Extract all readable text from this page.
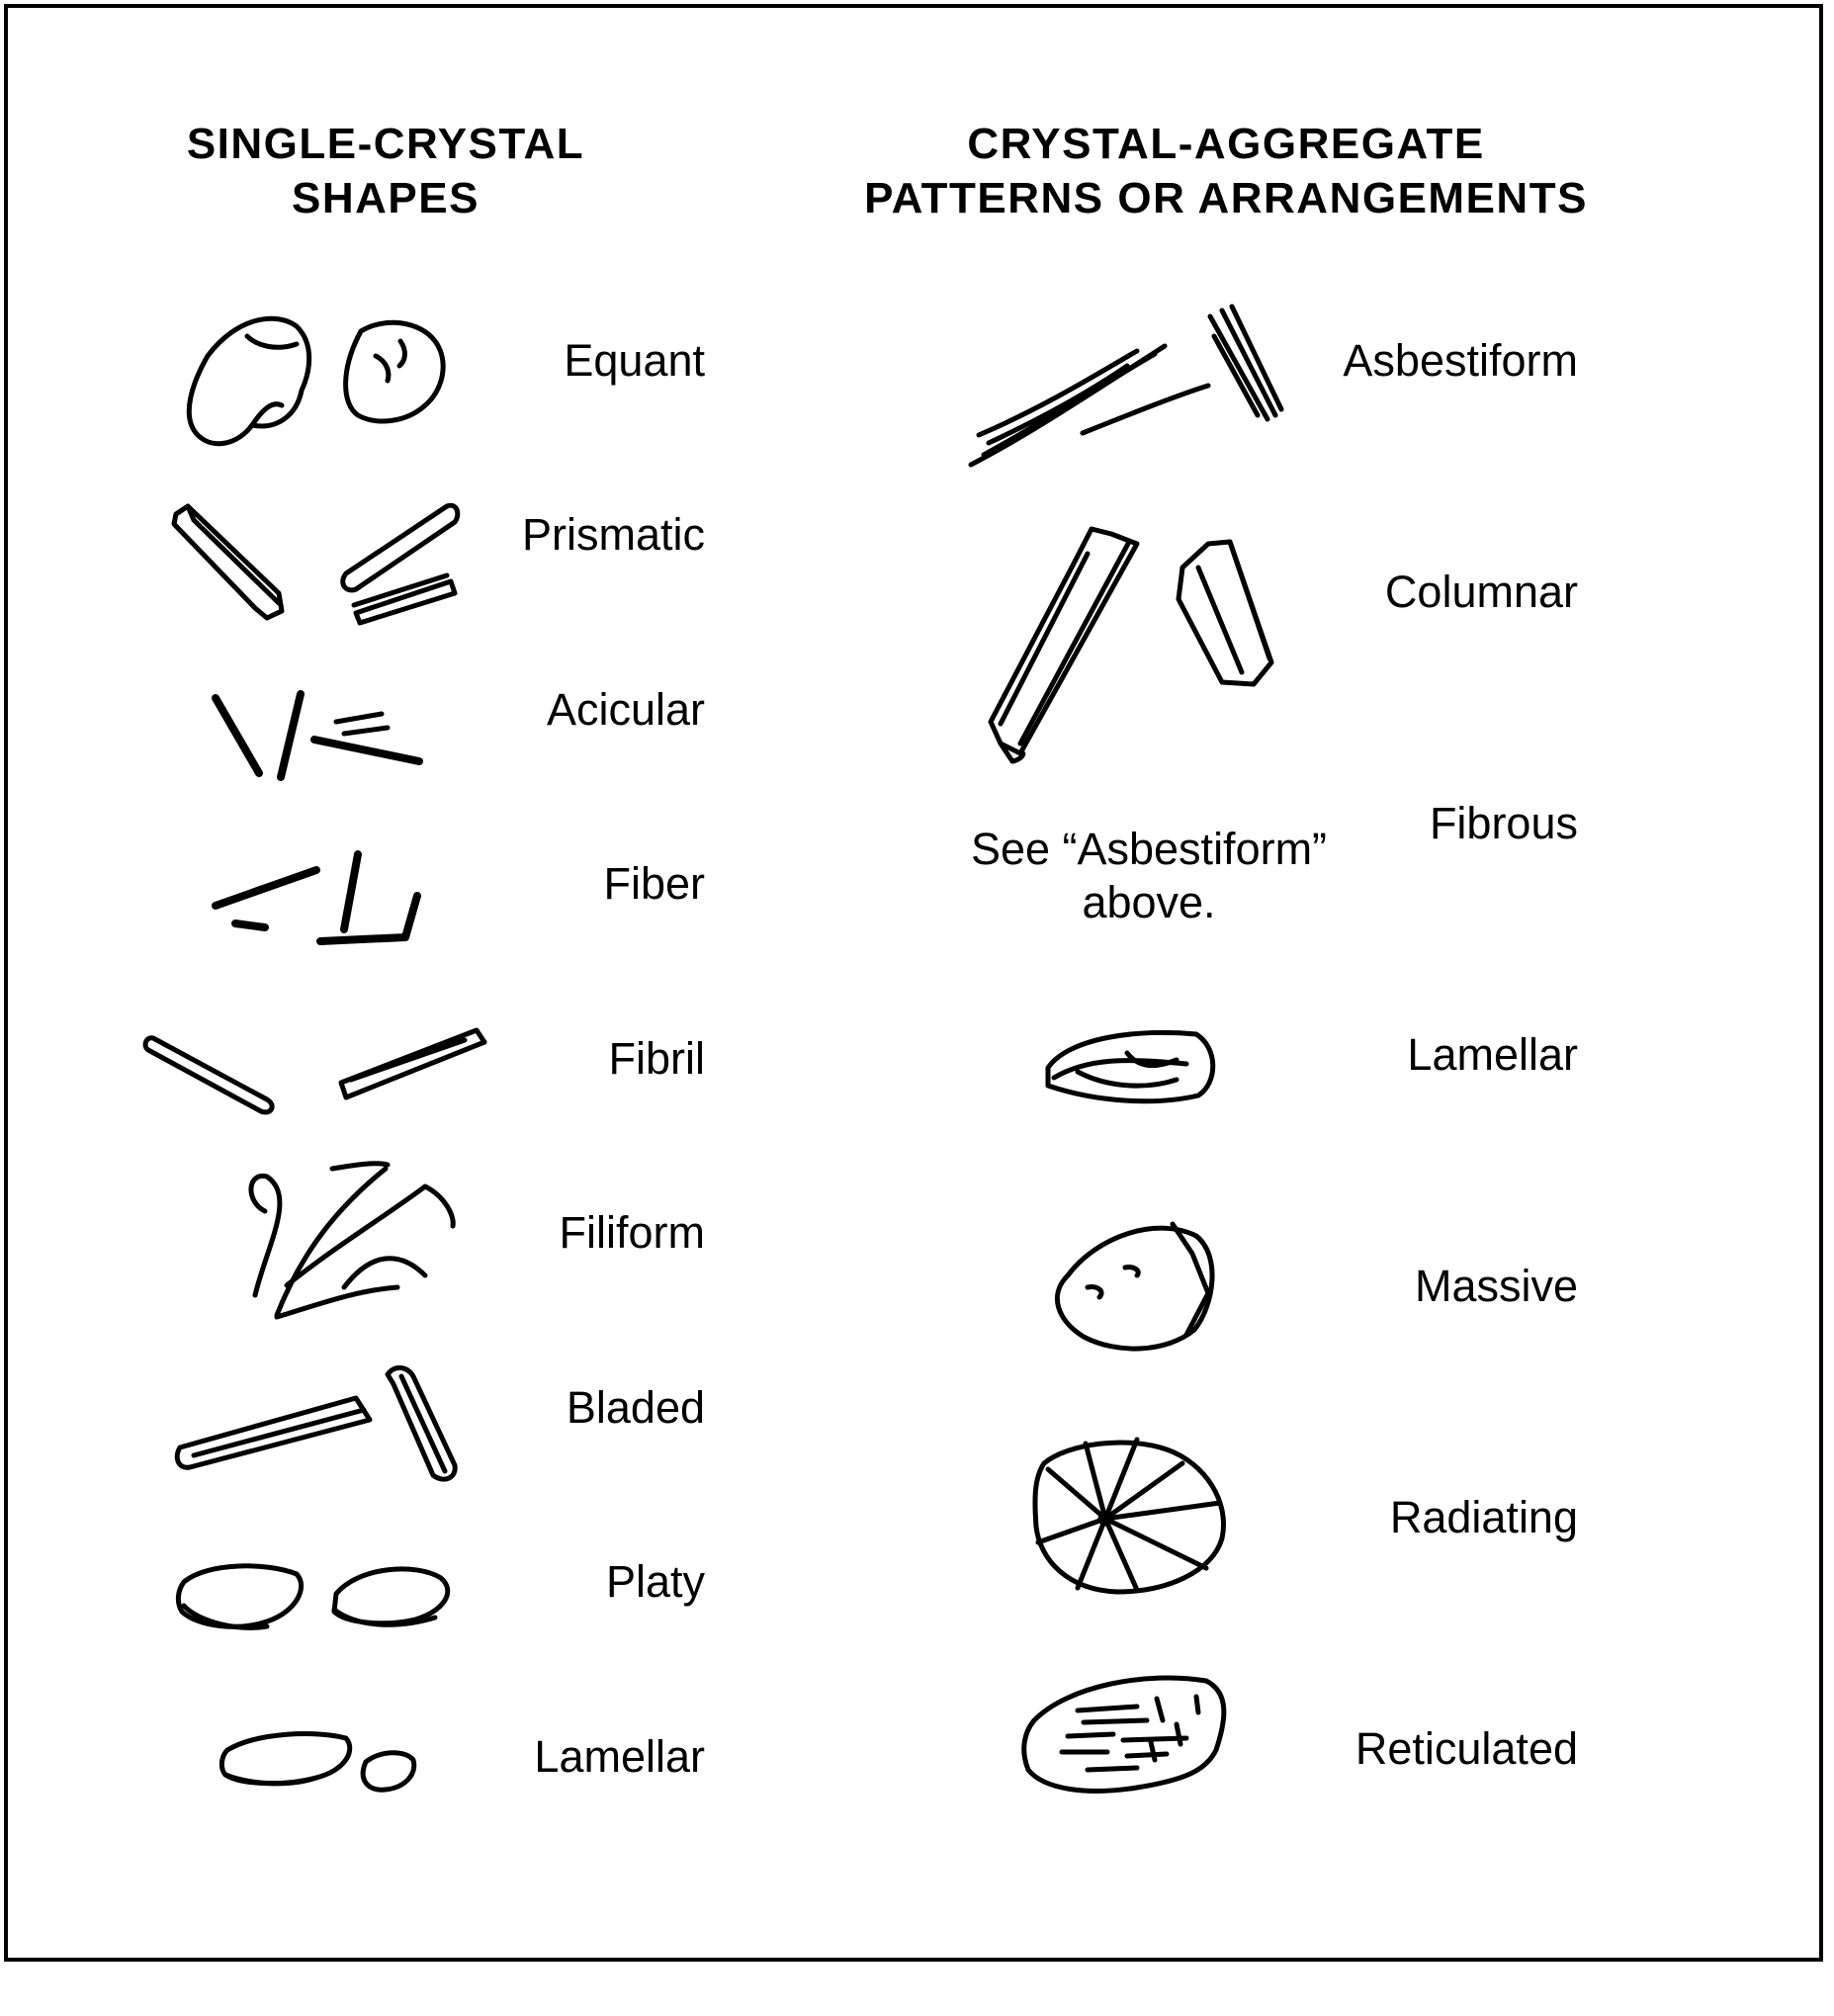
SINGLE-CRYSTAL
SHAPES
CRYSTAL-AGGREGATE
PATTERNS OR ARRANGEMENTS
Equant
Prismatic
Acicular
Fiber
Fibril
Filiform
Bladed
Platy
Lamellar
Asbestiform
Columnar
Fibrous
Lamellar
Massive
Radiating
Reticulated
See “Asbestiform”
above.
